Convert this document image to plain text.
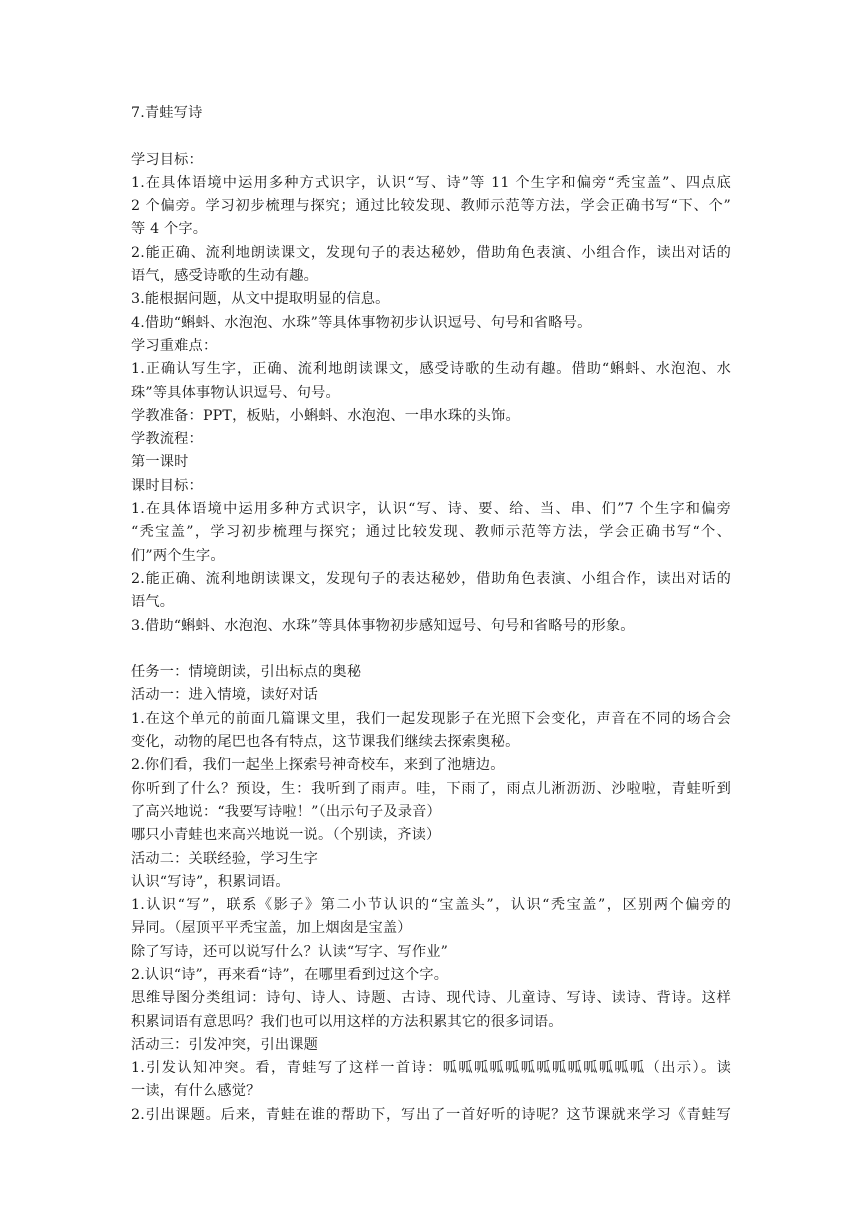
7.青蛙写诗
学习目标：
1.在具体语境中运用多种方式识字，认识“写、诗”等 11 个生字和偏旁“秃宝盖”、四点底
2 个偏旁。学习初步梳理与探究；通过比较发现、教师示范等方法，学会正确书写“下、个”
等 4 个字。
2.能正确、流利地朗读课文，发现句子的表达秘妙，借助角色表演、小组合作，读出对话的
语气，感受诗歌的生动有趣。
3.能根据问题，从文中提取明显的信息。
4.借助“蝌蚪、水泡泡、水珠”等具体事物初步认识逗号、句号和省略号。
学习重难点：
1.正确认写生字，正确、流利地朗读课文，感受诗歌的生动有趣。借助“蝌蚪、水泡泡、水
珠”等具体事物认识逗号、句号。
学教准备：PPT，板贴，小蝌蚪、水泡泡、一串水珠的头饰。
学教流程：
第一课时
课时目标：
1.在具体语境中运用多种方式识字，认识“写、诗、要、给、当、串、们”7 个生字和偏旁
“秃宝盖”，学习初步梳理与探究；通过比较发现、教师示范等方法，学会正确书写“个、
们”两个生字。
2.能正确、流利地朗读课文，发现句子的表达秘妙，借助角色表演、小组合作，读出对话的
语气。
3.借助“蝌蚪、水泡泡、水珠”等具体事物初步感知逗号、句号和省略号的形象。
任务一：情境朗读，引出标点的奥秘
活动一：进入情境，读好对话
1.在这个单元的前面几篇课文里，我们一起发现影子在光照下会变化，声音在不同的场合会
变化，动物的尾巴也各有特点，这节课我们继续去探索奥秘。
2.你们看，我们一起坐上探索号神奇校车，来到了池塘边。
你听到了什么？预设，生：我听到了雨声。哇，下雨了，雨点儿淅沥沥、沙啦啦，青蛙听到
了高兴地说：“我要写诗啦！”（出示句子及录音）
哪只小青蛙也来高兴地说一说。（个别读，齐读）
活动二：关联经验，学习生字
认识“写诗”，积累词语。
1.认识“写”，联系《影子》第二小节认识的“宝盖头”，认识“秃宝盖”，区别两个偏旁的
异同。（屋顶平平秃宝盖，加上烟囱是宝盖）
除了写诗，还可以说写什么？认读“写字、写作业”
2.认识“诗”，再来看“诗”，在哪里看到过这个字。
思维导图分类组词：诗句、诗人、诗题、古诗、现代诗、儿童诗、写诗、读诗、背诗。这样
积累词语有意思吗？我们也可以用这样的方法积累其它的很多词语。
活动三：引发冲突，引出课题
1.引发认知冲突。看，青蛙写了这样一首诗：呱呱呱呱呱呱呱呱呱呱呱呱呱（出示）。读
一读，有什么感觉？
2.引出课题。后来，青蛙在谁的帮助下，写出了一首好听的诗呢？这节课就来学习《青蛙写
